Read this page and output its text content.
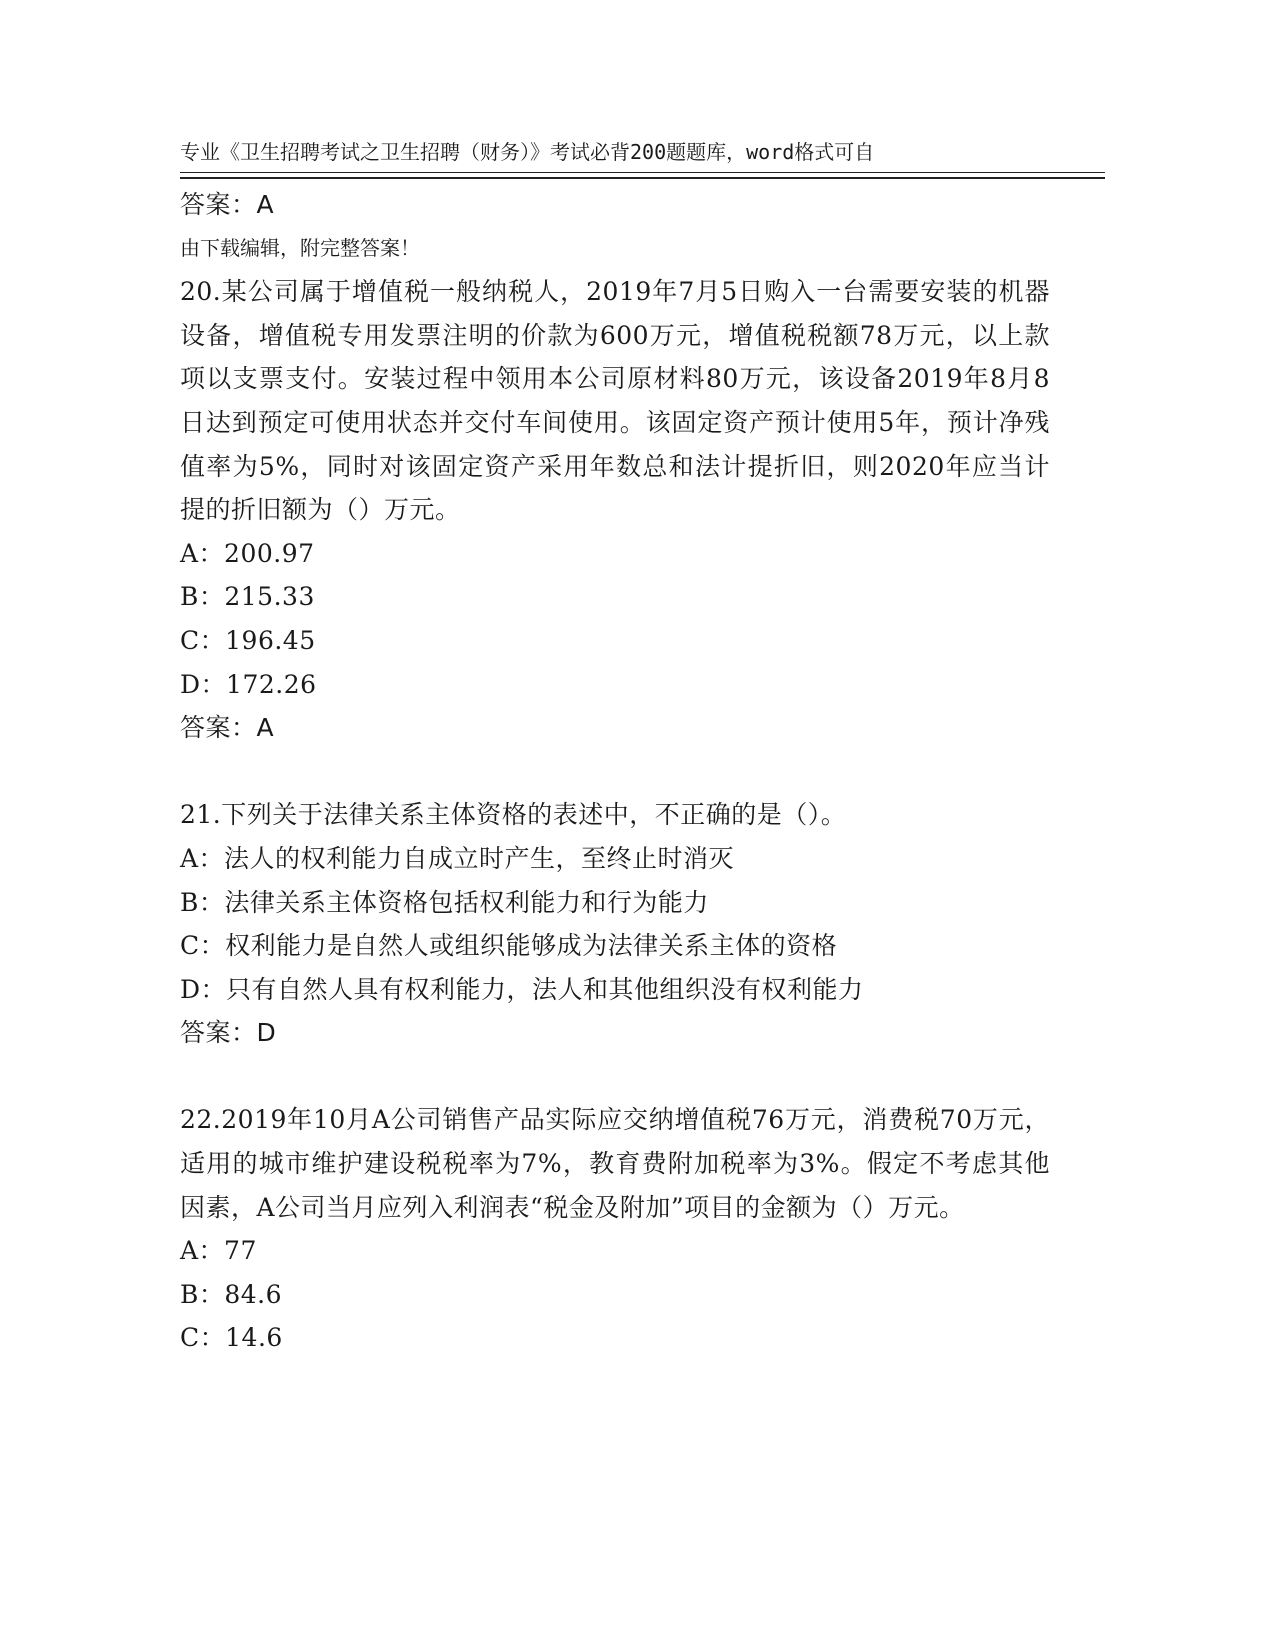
专业《卫生招聘考试之卫生招聘（财务）》考试必背200题题库，word格式可自

由下载编辑，附完整答案！

答案：A
20.某公司属于增值税一般纳税人，2019年7月5日购入一台需要安装的机器设备，增值税专用发票注明的价款为600万元，增值税税额78万元，以上款项以支票支付。安装过程中领用本公司原材料80万元，该设备2019年8月8日达到预定可使用状态并交付车间使用。该固定资产预计使用5年，预计净残值率为5%，同时对该固定资产采用年数总和法计提折旧，则2020年应当计提的折旧额为（）万元。
A：200.97
B：215.33
C：196.45
D：172.26
答案：A
21.下列关于法律关系主体资格的表述中，不正确的是（）。
A：法人的权利能力自成立时产生，至终止时消灭
B：法律关系主体资格包括权利能力和行为能力
C：权利能力是自然人或组织能够成为法律关系主体的资格
D：只有自然人具有权利能力，法人和其他组织没有权利能力
答案：D
22.2019年10月A公司销售产品实际应交纳增值税76万元，消费税70万元，适用的城市维护建设税税率为7%，教育费附加税率为3%。假定不考虑其他因素，A公司当月应列入利润表“税金及附加”项目的金额为（）万元。
A：77
B：84.6
C：14.6
